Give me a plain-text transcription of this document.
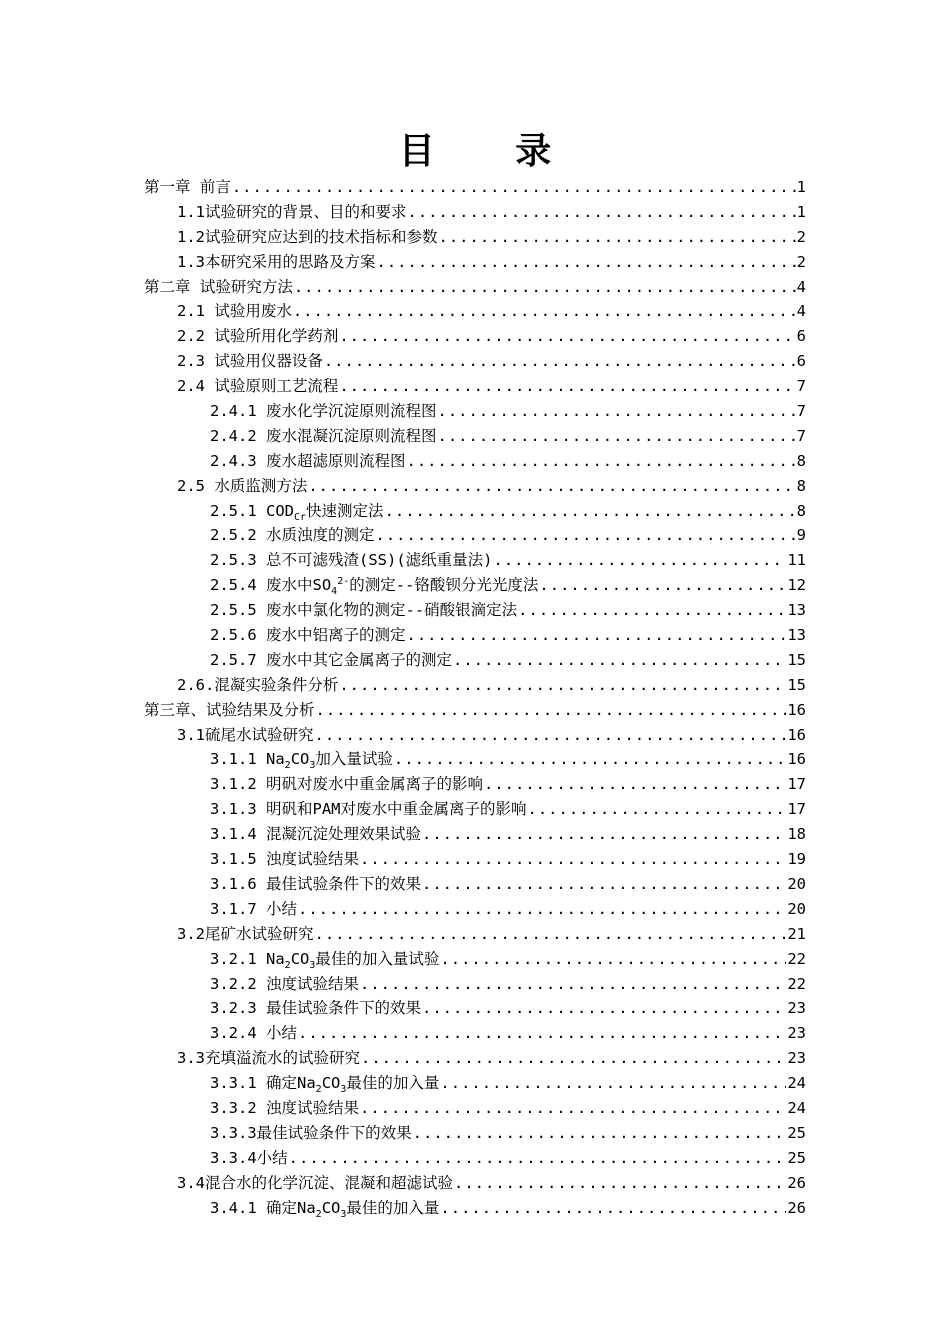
目 录
第一章 前言 .....	1
1.1试验研究的背景、目的和要求 .....	1
1.2试验研究应达到的技术指标和参数 .....	2
1.3本研究采用的思路及方案 .....	2
第二章 试验研究方法 .....	4
2.1 试验用废水 .....	4
2.2 试验所用化学药剂 .....	6
2.3 试验用仪器设备 .....	6
2.4 试验原则工艺流程 .....	7
2.4.1 废水化学沉淀原则流程图 .....	7
2.4.2 废水混凝沉淀原则流程图 .....	7
2.4.3 废水超滤原则流程图 .....	8
2.5 水质监测方法 .....	8
2.5.1 $COD_{Cr}$快速测定法 .....	8
2.5.2 水质浊度的测定 .....	9
2.5.3 总不可滤残渣(SS)(滤纸重量法) .....	11
2.5.4 废水中$SO_4^{2-}$的测定--铬酸钡分光光度法 .....	12
2.5.5 废水中氯化物的测定--硝酸银滴定法 .....	13
2.5.6 废水中铝离子的测定 .....	13
2.5.7 废水中其它金属离子的测定 .....	15
2.6.混凝实验条件分析 .....	15
第三章、试验结果及分析 .....	16
3.1硫尾水试验研究 .....	16
3.1.1 $Na_2CO_3$加入量试验 .....	16
3.1.2 明矾对废水中重金属离子的影响 .....	17
3.1.3 明矾和PAM对废水中重金属离子的影响 .....	17
3.1.4 混凝沉淀处理效果试验 .....	18
3.1.5 浊度试验结果 .....	19
3.1.6 最佳试验条件下的效果 .....	20
3.1.7 小结 .....	20
3.2尾矿水试验研究 .....	21
3.2.1 $Na_2CO_3$最佳的加入量试验 .....	22
3.2.2 浊度试验结果 .....	22
3.2.3 最佳试验条件下的效果 .....	23
3.2.4 小结 .....	23
3.3充填溢流水的试验研究 .....	23
3.3.1 确定$Na_2CO_3$最佳的加入量 .....	24
3.3.2 浊度试验结果 .....	24
3.3.3最佳试验条件下的效果 .....	25
3.3.4小结 .....	25
3.4混合水的化学沉淀、混凝和超滤试验 .....	26
3.4.1 确定$Na_2CO_3$最佳的加入量 .....	26
